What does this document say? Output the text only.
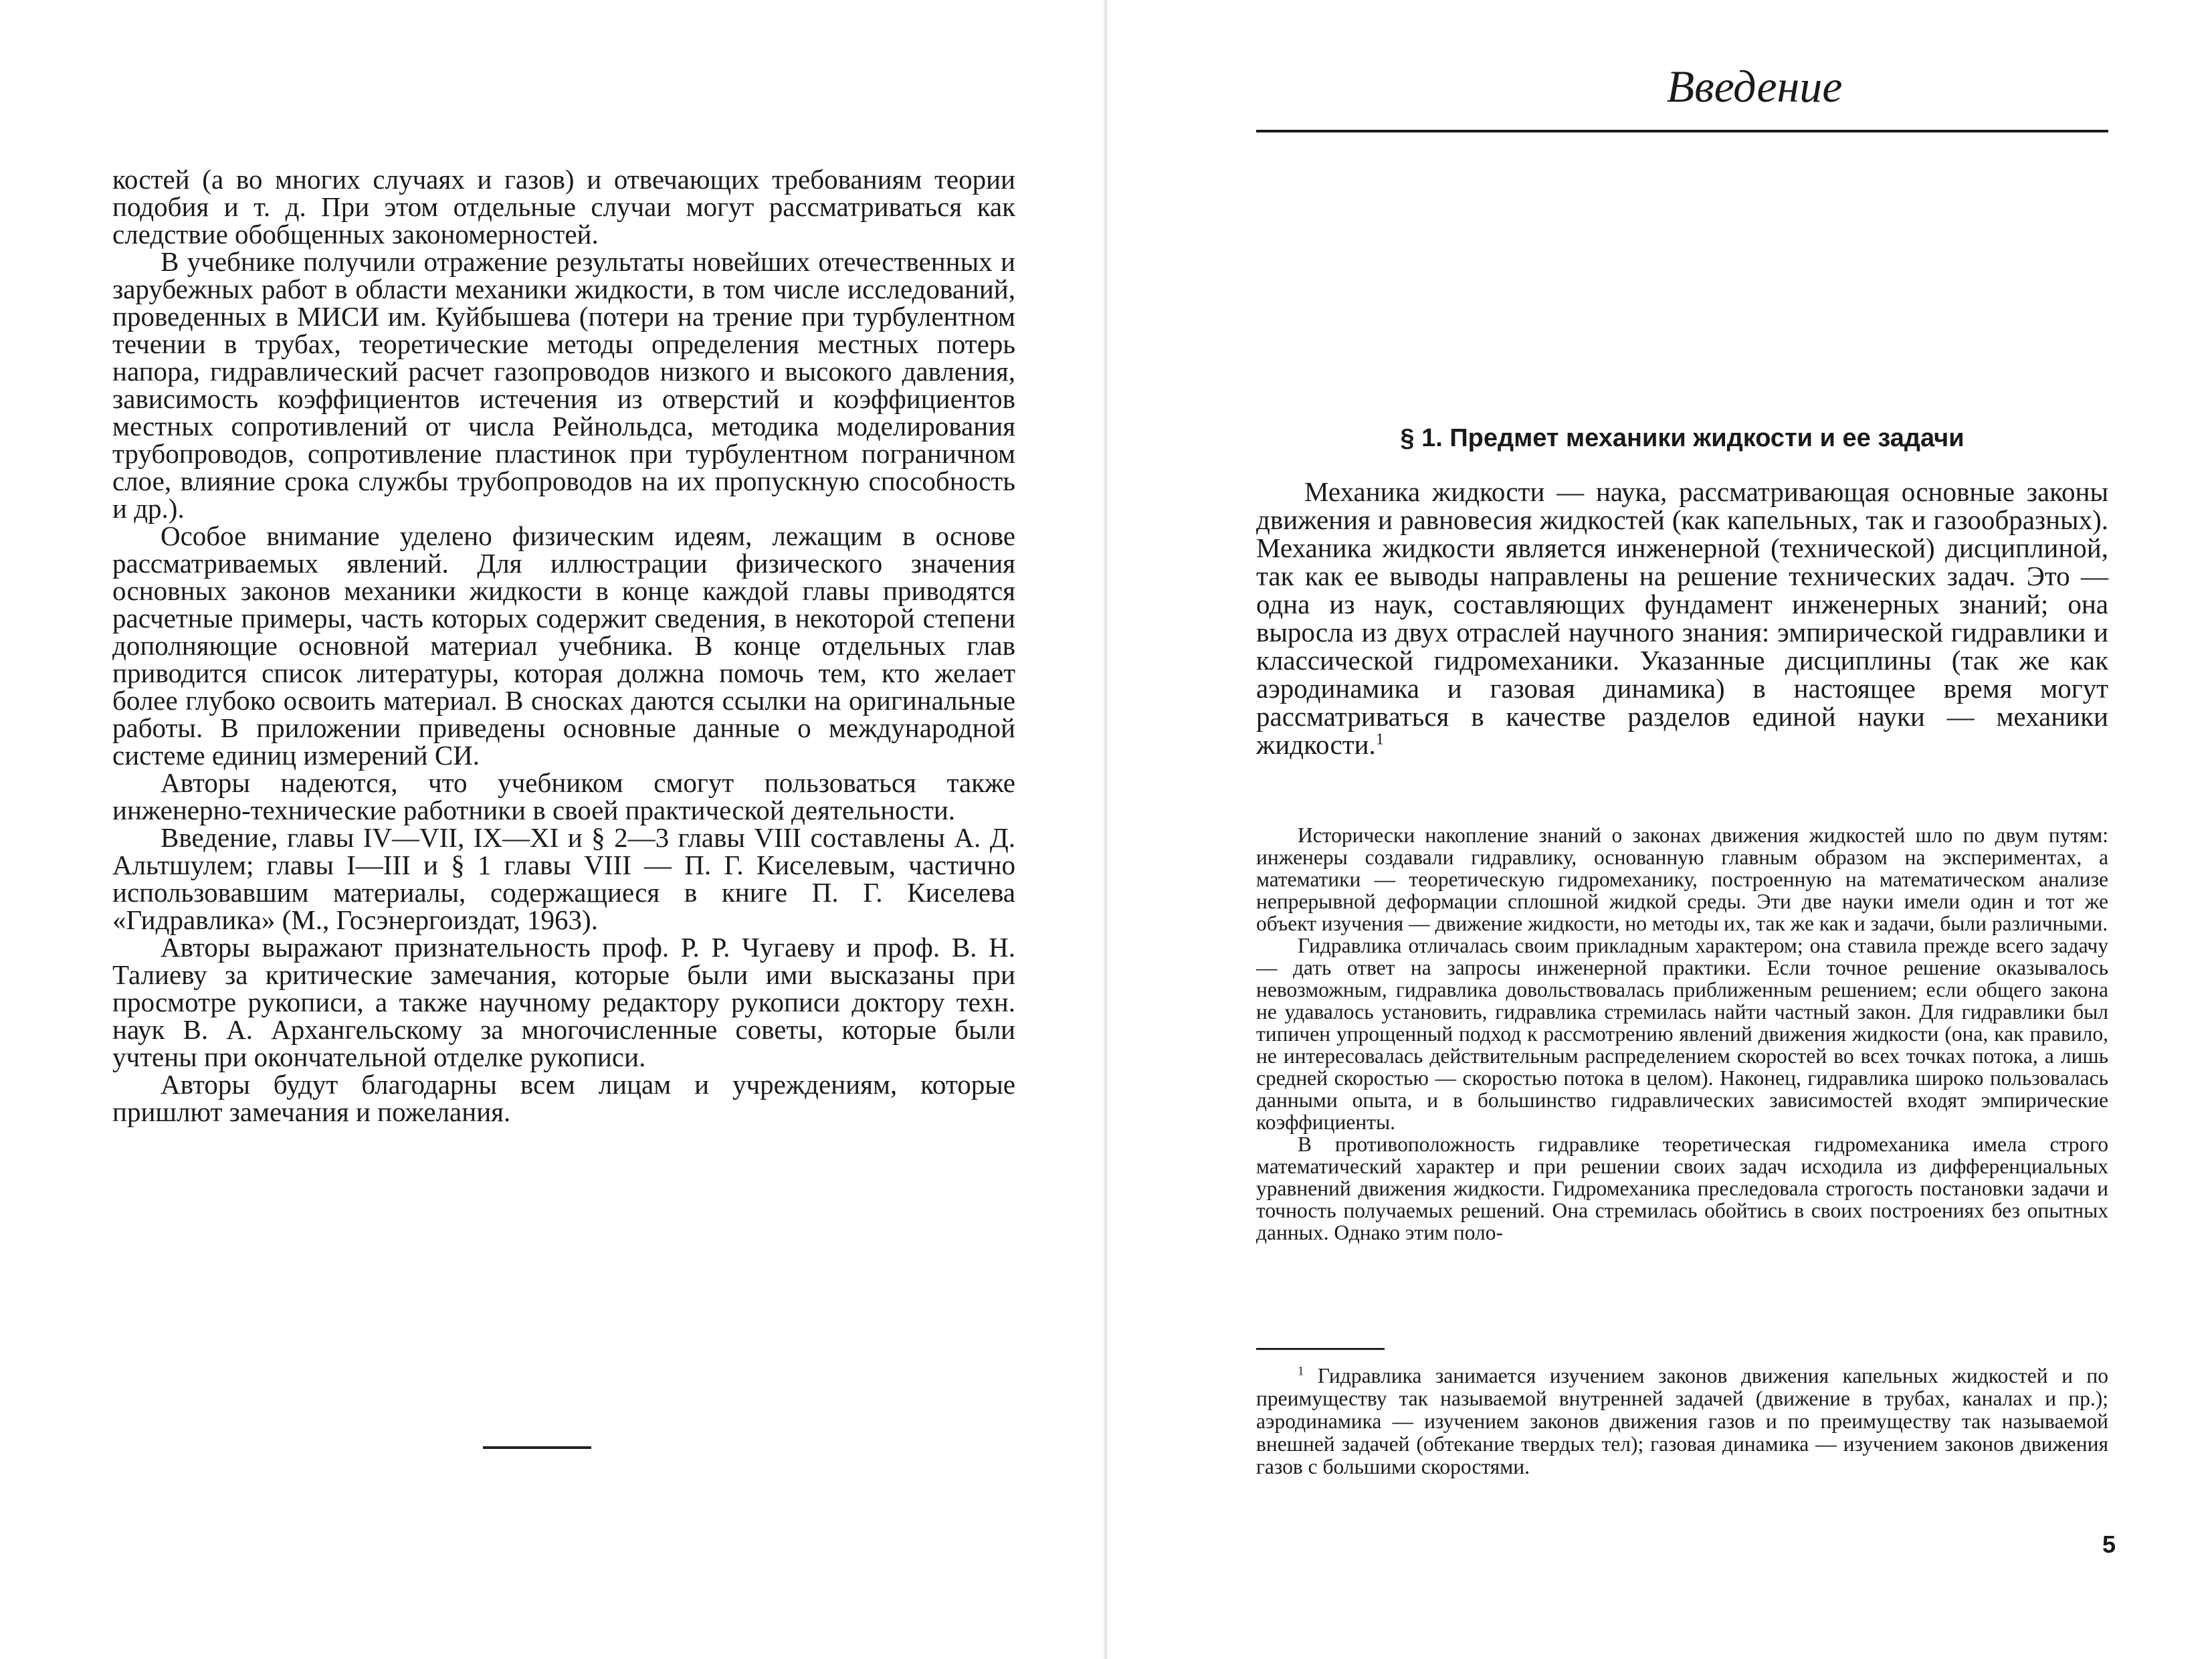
костей (а во многих случаях и газов) и отвечающих требованиям теории подобия и т. д. При этом отдельные случаи могут рассматриваться как следствие обобщенных закономерностей.

В учебнике получили отражение результаты новейших отечественных и зарубежных работ в области механики жидкости, в том числе исследований, проведенных в МИСИ им. Куйбышева (потери на трение при турбулентном течении в трубах, теоретические методы определения местных потерь напора, гидравлический расчет газопроводов низкого и высокого давления, зависимость коэффициентов истечения из отверстий и коэффициентов местных сопротивлений от числа Рейнольдса, методика моделирования трубопроводов, сопротивление пластинок при турбулентном пограничном слое, влияние срока службы трубопроводов на их пропускную способность и др.).

Особое внимание уделено физическим идеям, лежащим в основе рассматриваемых явлений. Для иллюстрации физического значения основных законов механики жидкости в конце каждой главы приводятся расчетные примеры, часть которых содержит сведения, в некоторой степени дополняющие основной материал учебника. В конце отдельных глав приводится список литературы, которая должна помочь тем, кто желает более глубоко освоить материал. В сносках даются ссылки на оригинальные работы. В приложении приведены основные данные о международной системе единиц измерений СИ.

Авторы надеются, что учебником смогут пользоваться также инженерно-технические работники в своей практической деятельности.

Введение, главы IV—VII, IX—XI и § 2—3 главы VIII составлены А. Д. Альтшулем; главы I—III и § 1 главы VIII — П. Г. Киселевым, частично использовавшим материалы, содержащиеся в книге П. Г. Киселева «Гидравлика» (М., Госэнергоиздат, 1963).

Авторы выражают признательность проф. Р. Р. Чугаеву и проф. В. Н. Талиеву за критические замечания, которые были ими высказаны при просмотре рукописи, а также научному редактору рукописи доктору техн. наук В. А. Архангельскому за многочисленные советы, которые были учтены при окончательной отделке рукописи.

Авторы будут благодарны всем лицам и учреждениям, которые пришлют замечания и пожелания.

Введение
§ 1. Предмет механики жидкости и ее задачи

Механика жидкости — наука, рассматривающая основные законы движения и равновесия жидкостей (как капельных, так и газообразных). Механика жидкости является инженерной (технической) дисциплиной, так как ее выводы направлены на решение технических задач. Это — одна из наук, составляющих фундамент инженерных знаний; она выросла из двух отраслей научного знания: эмпирической гидравлики и классической гидромеханики. Указанные дисциплины (так же как аэродинамика и газовая динамика) в настоящее время могут рассматриваться в качестве разделов единой науки — механики жидкости.$^1$

Исторически накопление знаний о законах движения жидкостей шло по двум путям: инженеры создавали гидравлику, основанную главным образом на экспериментах, а математики — теоретическую гидромеханику, построенную на математическом анализе непрерывной деформации сплошной жидкой среды. Эти две науки имели один и тот же объект изучения — движение жидкости, но методы их, так же как и задачи, были различными.

Гидравлика отличалась своим прикладным характером; она ставила прежде всего задачу — дать ответ на запросы инженерной практики. Если точное решение оказывалось невозможным, гидравлика довольствовалась приближенным решением; если общего закона не удавалось установить, гидравлика стремилась найти частный закон. Для гидравлики был типичен упрощенный подход к рассмотрению явлений движения жидкости (она, как правило, не интересовалась действительным распределением скоростей во всех точках потока, а лишь средней скоростью — скоростью потока в целом). Наконец, гидравлика широко пользовалась данными опыта, и в большинство гидравлических зависимостей входят эмпирические коэффициенты.

В противоположность гидравлике теоретическая гидромеханика имела строго математический характер и при решении своих задач исходила из дифференциальных уравнений движения жидкости. Гидромеханика преследовала строгость постановки задачи и точность получаемых решений. Она стремилась обойтись в своих построениях без опытных данных. Однако этим поло-

$^1$ Гидравлика занимается изучением законов движения капельных жидкостей и по преимуществу так называемой внутренней задачей (движение в трубах, каналах и пр.); аэродинамика — изучением законов движения газов и по преимуществу так называемой внешней задачей (обтекание твердых тел); газовая динамика — изучением законов движения газов с большими скоростями.

5
